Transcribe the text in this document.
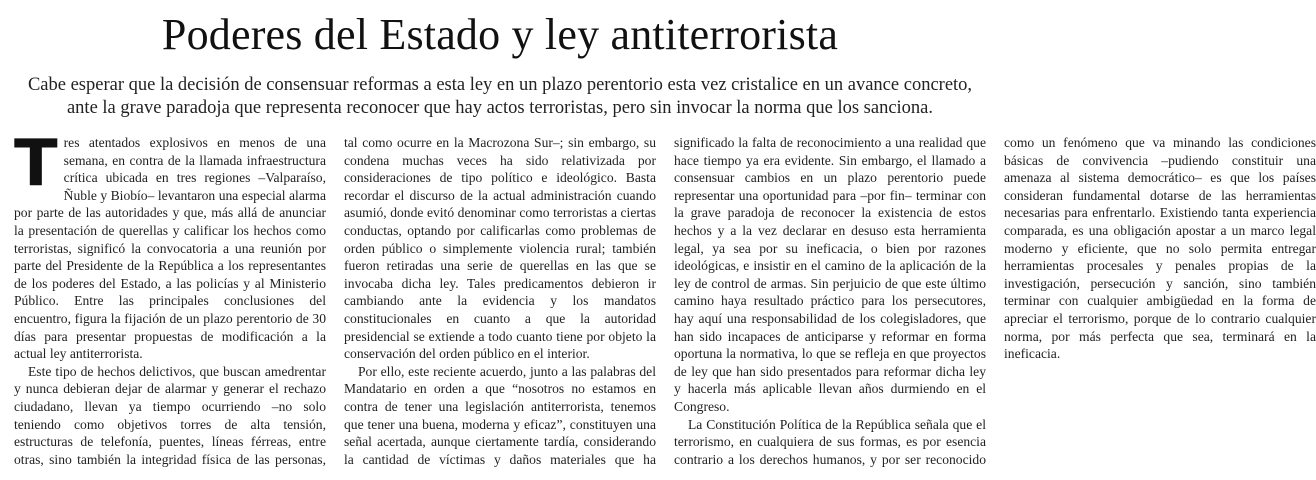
Poderes del Estado y ley antiterrorista

Cabe esperar que la decisión de consensuar reformas a esta ley en un plazo perentorio esta vez cristalice en un avance concreto, ante la grave paradoja que representa reconocer que hay actos terroristas, pero sin invocar la norma que los sanciona.

Tres atentados explosivos en menos de una semana, en contra de la llamada infraestructura crítica ubicada en tres regiones –Valparaíso, Ñuble y Biobío– levantaron una especial alarma por parte de las autoridades y que, más allá de anunciar la presentación de querellas y calificar los hechos como terroristas, significó la convocatoria a una reunión por parte del Presidente de la República a los representantes de los poderes del Estado, a las policías y al Ministerio Público. Entre las principales conclusiones del encuentro, figura la fijación de un plazo perentorio de 30 días para presentar propuestas de modificación a la actual ley antiterrorista.

Este tipo de hechos delictivos, que buscan amedrentar y nunca debieran dejar de alarmar y generar el rechazo ciudadano, llevan ya tiempo ocurriendo –no solo teniendo como objetivos torres de alta tensión, estructuras de telefonía, puentes, líneas férreas, entre otras, sino también la integridad física de las personas, tal como ocurre en la Macrozona Sur–; sin embargo, su condena muchas veces ha sido relativizada por consideraciones de tipo político e ideológico. Basta recordar el discurso de la actual administración cuando asumió, donde evitó denominar como terroristas a ciertas conductas, optando por calificarlas como problemas de orden público o simplemente violencia rural; también fueron retiradas una serie de querellas en las que se invocaba dicha ley. Tales predicamentos debieron ir cambiando ante la evidencia y los mandatos constitucionales en cuanto a que la autoridad presidencial se extiende a todo cuanto tiene por objeto la conservación del orden público en el interior.

Por ello, este reciente acuerdo, junto a las palabras del Mandatario en orden a que “nosotros no estamos en contra de tener una legislación antiterrorista, tenemos que tener una buena, moderna y eficaz”, constituyen una señal acertada, aunque ciertamente tardía, considerando la cantidad de víctimas y daños materiales que ha significado la falta de reconocimiento a una realidad que hace tiempo ya era evidente. Sin embargo, el llamado a consensuar cambios en un plazo perentorio puede representar una oportunidad para –por fin– terminar con la grave paradoja de reconocer la existencia de estos hechos y a la vez declarar en desuso esta herramienta legal, ya sea por su ineficacia, o bien por razones ideológicas, e insistir en el camino de la aplicación de la ley de control de armas. Sin perjuicio de que este último camino haya resultado práctico para los persecutores, hay aquí una responsabilidad de los colegisladores, que han sido incapaces de anticiparse y reformar en forma oportuna la normativa, lo que se refleja en que proyectos de ley que han sido presentados para reformar dicha ley y hacerla más aplicable llevan años durmiendo en el Congreso.

La Constitución Política de la República señala que el terrorismo, en cualquiera de sus formas, es por esencia contrario a los derechos humanos, y por ser reconocido como un fenómeno que va minando las condiciones básicas de convivencia –pudiendo constituir una amenaza al sistema democrático– es que los países consideran fundamental dotarse de las herramientas necesarias para enfrentarlo. Existiendo tanta experiencia comparada, es una obligación apostar a un marco legal moderno y eficiente, que no solo permita entregar herramientas procesales y penales propias de la investigación, persecución y sanción, sino también terminar con cualquier ambigüedad en la forma de apreciar el terrorismo, porque de lo contrario cualquier norma, por más perfecta que sea, terminará en la ineficacia.
